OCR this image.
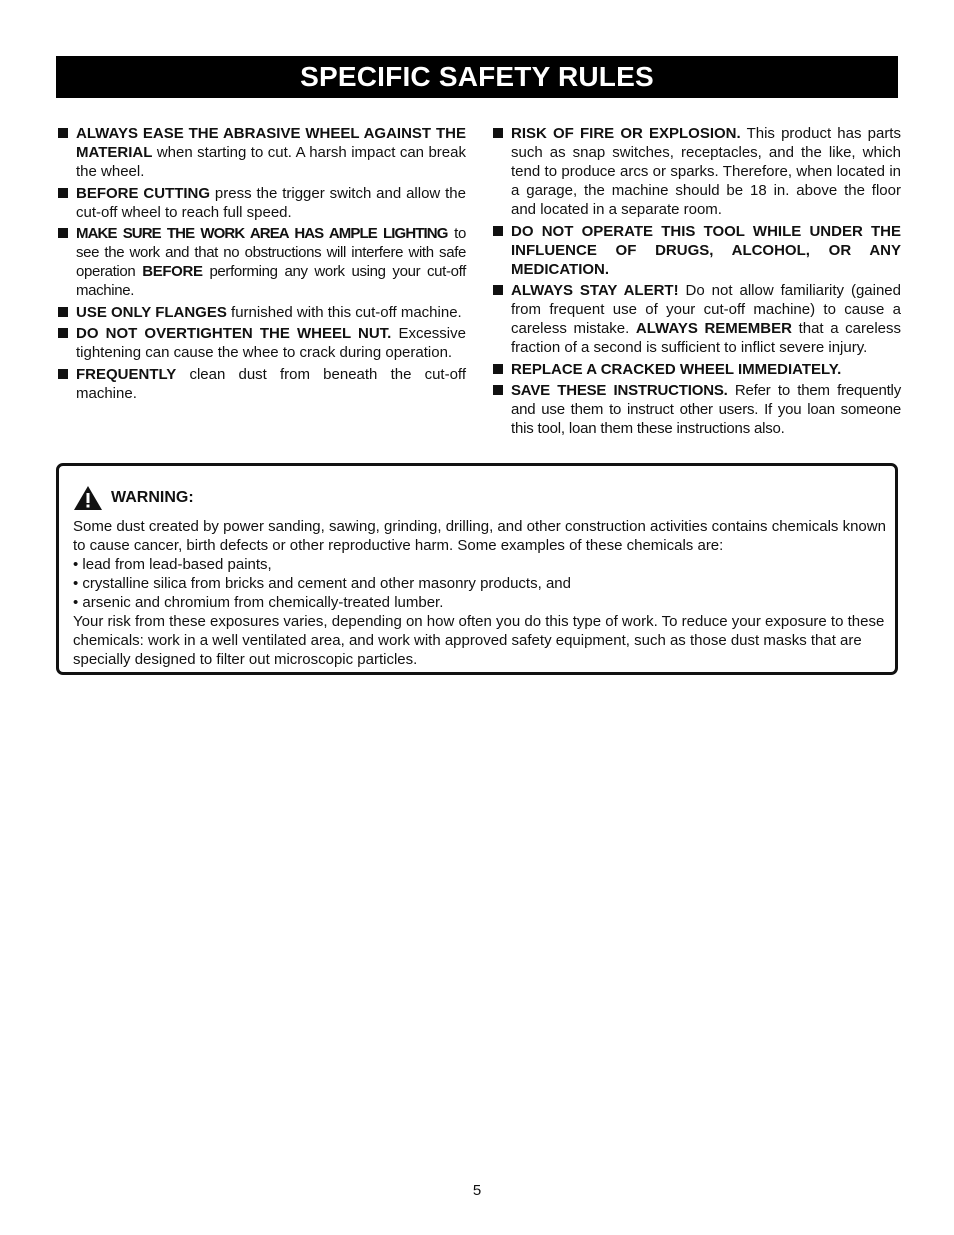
SPECIFIC SAFETY RULES
ALWAYS EASE THE ABRASIVE WHEEL AGAINST THE MATERIAL when starting to cut. A harsh impact can break the wheel.
BEFORE CUTTING press the trigger switch and allow the cut-off wheel to reach full speed.
MAKE SURE THE WORK AREA HAS AMPLE LIGHTING to see the work and that no obstructions will interfere with safe operation BEFORE performing any work using your cut-off machine.
USE ONLY FLANGES furnished with this cut-off machine.
DO NOT OVERTIGHTEN THE WHEEL NUT. Excessive tightening can cause the whee to crack during operation.
FREQUENTLY clean dust from beneath the cut-off machine.
RISK OF FIRE OR EXPLOSION. This product has parts such as snap switches, receptacles, and the like, which tend to produce arcs or sparks. Therefore, when located in a garage, the machine should be 18 in. above the floor and located in a separate room.
DO NOT OPERATE THIS TOOL WHILE UNDER THE INFLUENCE OF DRUGS, ALCOHOL, OR ANY MEDICATION.
ALWAYS STAY ALERT! Do not allow familiarity (gained from frequent use of your cut-off machine) to cause a careless mistake. ALWAYS REMEMBER that a careless fraction of a second is sufficient to inflict severe injury.
REPLACE A CRACKED WHEEL IMMEDIATELY.
SAVE THESE INSTRUCTIONS. Refer to them frequently and use them to instruct other users. If you loan someone this tool, loan them these instructions also.
WARNING:

Some dust created by power sanding, sawing, grinding, drilling, and other construction activities contains chemicals known to cause cancer, birth defects or other reproductive harm. Some examples of these chemicals are:

• lead from lead-based paints,

• crystalline silica from bricks and cement and other masonry products, and

• arsenic and chromium from chemically-treated lumber.

Your risk from these exposures varies, depending on how often you do this type of work. To reduce your exposure to these chemicals: work in a well ventilated area, and work with approved safety equipment, such as those dust masks that are specially designed to filter out microscopic particles.

5
